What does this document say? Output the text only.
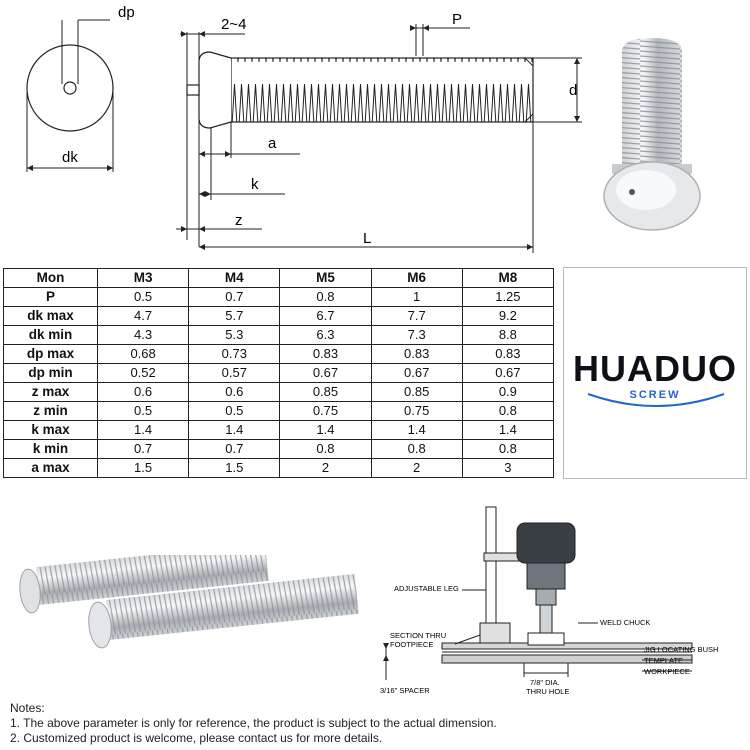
dp
dk
2~4	P
d
a
k
z
L
Mon	M3	M4	M5	M6	M8
P	0.5	0.7	0.8	1	1.25
dk max	4.7	5.7	6.7	7.7	9.2
dk min	4.3	5.3	6.3	7.3	8.8
dp max	0.68	0.73	0.83	0.83	0.83
dp min	0.52	0.57	0.67	0.67	0.67
z max	0.6	0.6	0.85	0.85	0.9
z min	0.5	0.5	0.75	0.75	0.8
k max	1.4	1.4	1.4	1.4	1.4
k min	0.7	0.7	0.8	0.8	0.8
a max	1.5	1.5	2	2	3
HUADUO
SCREW
ADJUSTABLE LEG
WELD CHUCK
SECTION THRU
FOOTPIECE
JIG LOCATING BUSH
TEMPLATE
WORKPIECE
3/16" SPACER
7/8" DIA.
THRU HOLE
Notes:
1. The above parameter is only for reference, the product is subject to the actual dimension.
2. Customized product is welcome, please contact us for more details.
